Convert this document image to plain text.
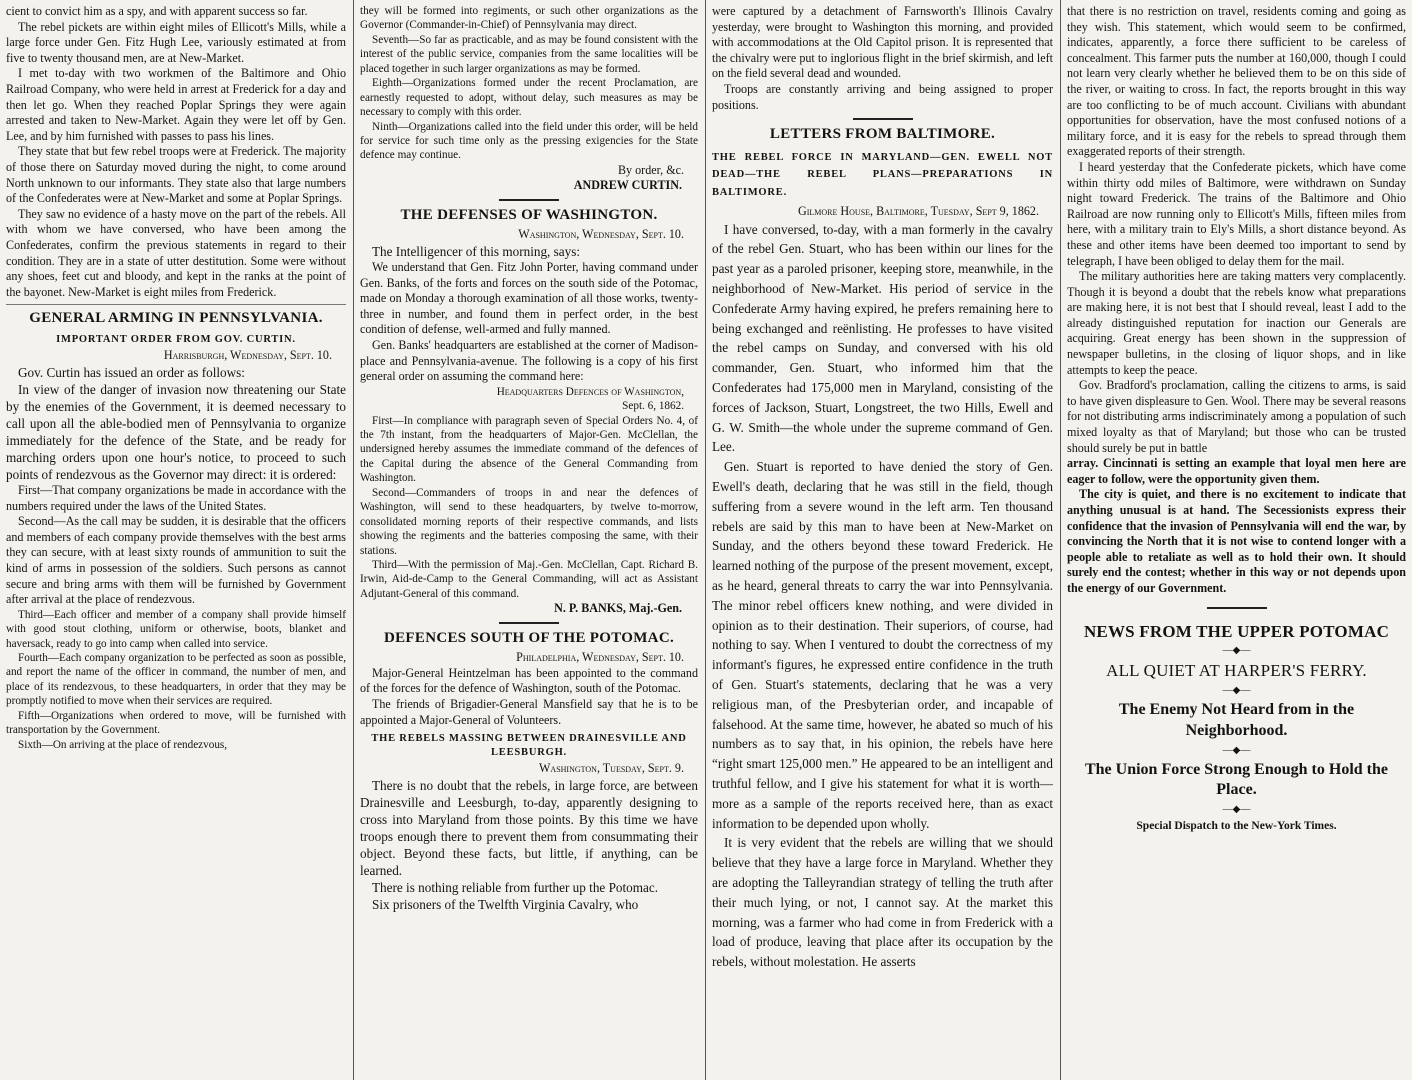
cient to convict him as a spy, and with apparent success so far.

The rebel pickets are within eight miles of Ellicott's Mills, while a large force under Gen. Fitz Hugh Lee, variously estimated at from five to twenty thousand men, are at New-Market.

I met to-day with two workmen of the Baltimore and Ohio Railroad Company, who were held in arrest at Frederick for a day and then let go. When they reached Poplar Springs they were again arrested and taken to New-Market. Again they were let off by Gen. Lee, and by him furnished with passes to pass his lines.

They state that but few rebel troops were at Frederick. The majority of those there on Saturday moved during the night, to come around North unknown to our informants. They state also that large numbers of the Confederates were at New-Market and some at Poplar Springs.

They saw no evidence of a hasty move on the part of the rebels. All with whom we have conversed, who have been among the Confederates, confirm the previous statements in regard to their condition. They are in a state of utter destitution. Some were without any shoes, feet cut and bloody, and kept in the ranks at the point of the bayonet. New-Market is eight miles from Frederick.

GENERAL ARMING IN PENNSYLVANIA.
IMPORTANT ORDER FROM GOV. CURTIN.
Harrisburgh, Wednesday, Sept. 10.

Gov. Curtin has issued an order as follows:

In view of the danger of invasion now threatening our State by the enemies of the Government, it is deemed necessary to call upon all the able-bodied men of Pennsylvania to organize immediately for the defence of the State, and be ready for marching orders upon one hour's notice, to proceed to such points of rendezvous as the Governor may direct: it is ordered:

First—That company organizations be made in accordance with the numbers required under the laws of the United States.

Second—As the call may be sudden, it is desirable that the officers and members of each company provide themselves with the best arms they can secure, with at least sixty rounds of ammunition to suit the kind of arms in possession of the soldiers. Such persons as cannot secure and bring arms with them will be furnished by Government after arrival at the place of rendezvous.

Third—Each officer and member of a company shall provide himself with good stout clothing, uniform or otherwise, boots, blanket and haversack, ready to go into camp when called into service.

Fourth—Each company organization to be perfected as soon as possible, and report the name of the officer in command, the number of men, and place of its rendezvous, to these headquarters, in order that they may be promptly notified to move when their services are required.

Fifth—Organizations when ordered to move, will be furnished with transportation by the Government.

Sixth—On arriving at the place of rendezvous,

they will be formed into regiments, or such other organizations as the Governor (Commander-in-Chief) of Pennsylvania may direct.

Seventh—So far as practicable, and as may be found consistent with the interest of the public service, companies from the same localities will be placed together in such larger organizations as may be formed.

Eighth—Organizations formed under the recent Proclamation, are earnestly requested to adopt, without delay, such measures as may be necessary to comply with this order.

Ninth—Organizations called into the field under this order, will be held for service for such time only as the pressing exigencies for the State defence may continue.

By order, &c.
ANDREW CURTIN.
THE DEFENSES OF WASHINGTON.
Washington, Wednesday, Sept. 10.

The Intelligencer of this morning, says:

We understand that Gen. Fitz John Porter, having command under Gen. Banks, of the forts and forces on the south side of the Potomac, made on Monday a thorough examination of all those works, twenty-three in number, and found them in perfect order, in the best condition of defense, well-armed and fully manned.

Gen. Banks' headquarters are established at the corner of Madison-place and Pennsylvania-avenue. The following is a copy of his first general order on assuming the command here:

Headquarters Defences of Washington,
Sept. 6, 1862.

First—In compliance with paragraph seven of Special Orders No. 4, of the 7th instant, from the headquarters of Major-Gen. McClellan, the undersigned hereby assumes the immediate command of the defences of the Capital during the absence of the General Commanding from Washington.

Second—Commanders of troops in and near the defences of Washington, will send to these headquarters, by twelve to-morrow, consolidated morning reports of their respective commands, and lists showing the regiments and the batteries composing the same, with their stations.

Third—With the permission of Maj.-Gen. McClellan, Capt. Richard B. Irwin, Aid-de-Camp to the General Commanding, will act as Assistant Adjutant-General of this command.

N. P. BANKS, Maj.-Gen.
DEFENCES SOUTH OF THE POTOMAC.
Philadelphia, Wednesday, Sept. 10.

Major-General Heintzelman has been appointed to the command of the forces for the defence of Washington, south of the Potomac.

The friends of Brigadier-General Mansfield say that he is to be appointed a Major-General of Volunteers.

THE REBELS MASSING BETWEEN DRAINESVILLE AND LEESBURGH.
Washington, Tuesday, Sept. 9.

There is no doubt that the rebels, in large force, are between Drainesville and Leesburgh, to-day, apparently designing to cross into Maryland from those points. By this time we have troops enough there to prevent them from consummating their object. Beyond these facts, but little, if anything, can be learned.

There is nothing reliable from further up the Potomac.

Six prisoners of the Twelfth Virginia Cavalry, who

were captured by a detachment of Farnsworth's Illinois Cavalry yesterday, were brought to Washington this morning, and provided with accommodations at the Old Capitol prison. It is represented that the chivalry were put to inglorious flight in the brief skirmish, and left on the field several dead and wounded.

Troops are constantly arriving and being assigned to proper positions.

LETTERS FROM BALTIMORE.
THE REBEL FORCE IN MARYLAND—GEN. EWELL NOT DEAD—THE REBEL PLANS—PREPARATIONS IN BALTIMORE.
Gilmore House, Baltimore, Tuesday, Sept 9, 1862.

I have conversed, to-day, with a man formerly in the cavalry of the rebel Gen. Stuart, who has been within our lines for the past year as a paroled prisoner, keeping store, meanwhile, in the neighborhood of New-Market. His period of service in the Confederate Army having expired, he prefers remaining here to being exchanged and reënlisting. He professes to have visited the rebel camps on Sunday, and conversed with his old commander, Gen. Stuart, who informed him that the Confederates had 175,000 men in Maryland, consisting of the forces of Jackson, Stuart, Longstreet, the two Hills, Ewell and G. W. Smith—the whole under the supreme command of Gen. Lee.

Gen. Stuart is reported to have denied the story of Gen. Ewell's death, declaring that he was still in the field, though suffering from a severe wound in the left arm. Ten thousand rebels are said by this man to have been at New-Market on Sunday, and the others beyond these toward Frederick. He learned nothing of the purpose of the present movement, except, as he heard, general threats to carry the war into Pennsylvania. The minor rebel officers knew nothing, and were divided in opinion as to their destination. Their superiors, of course, had nothing to say. When I ventured to doubt the correctness of my informant's figures, he expressed entire confidence in the truth of Gen. Stuart's statements, declaring that he was a very religious man, of the Presbyterian order, and incapable of falsehood. At the same time, however, he abated so much of his numbers as to say that, in his opinion, the rebels have here “right smart 125,000 men.” He appeared to be an intelligent and truthful fellow, and I give his statement for what it is worth—more as a sample of the reports received here, than as exact information to be depended upon wholly.

It is very evident that the rebels are willing that we should believe that they have a large force in Maryland. Whether they are adopting the Talleyrandian strategy of telling the truth after their much lying, or not, I cannot say. At the market this morning, was a farmer who had come in from Frederick with a load of produce, leaving that place after its occupation by the rebels, without molestation. He asserts

that there is no restriction on travel, residents coming and going as they wish. This statement, which would seem to be confirmed, indicates, apparently, a force there sufficient to be careless of concealment. This farmer puts the number at 160,000, though I could not learn very clearly whether he believed them to be on this side of the river, or waiting to cross. In fact, the reports brought in this way are too conflicting to be of much account. Civilians with abundant opportunities for observation, have the most confused notions of a military force, and it is easy for the rebels to spread through them exaggerated reports of their strength.

I heard yesterday that the Confederate pickets, which have come within thirty odd miles of Baltimore, were withdrawn on Sunday night toward Frederick. The trains of the Baltimore and Ohio Railroad are now running only to Ellicott's Mills, fifteen miles from here, with a military train to Ely's Mills, a short distance beyond. As these and other items have been deemed too important to send by telegraph, I have been obliged to delay them for the mail.

The military authorities here are taking matters very complacently. Though it is beyond a doubt that the rebels know what preparations are making here, it is not best that I should reveal, least I add to the already distinguished reputation for inaction our Generals are acquiring. Great energy has been shown in the suppression of newspaper bulletins, in the closing of liquor shops, and in like attempts to keep the peace.

Gov. Bradford's proclamation, calling the citizens to arms, is said to have given displeasure to Gen. Wool. There may be several reasons for not distributing arms indiscriminately among a population of such mixed loyalty as that of Maryland; but those who can be trusted should surely be put in battle

array. Cincinnati is setting an example that loyal men here are eager to follow, were the opportunity given them.

The city is quiet, and there is no excitement to indicate that anything unusual is at hand. The Secessionists express their confidence that the invasion of Pennsylvania will end the war, by convincing the North that it is not wise to contend longer with a people able to retaliate as well as to hold their own. It should surely end the contest; whether in this way or not depends upon the energy of our Government.

NEWS FROM THE UPPER POTOMAC
—◆—
ALL QUIET AT HARPER'S FERRY.
—◆—
The Enemy Not Heard from in the Neighborhood.
—◆—
The Union Force Strong Enough to Hold the Place.
—◆—
Special Dispatch to the New-York Times.
